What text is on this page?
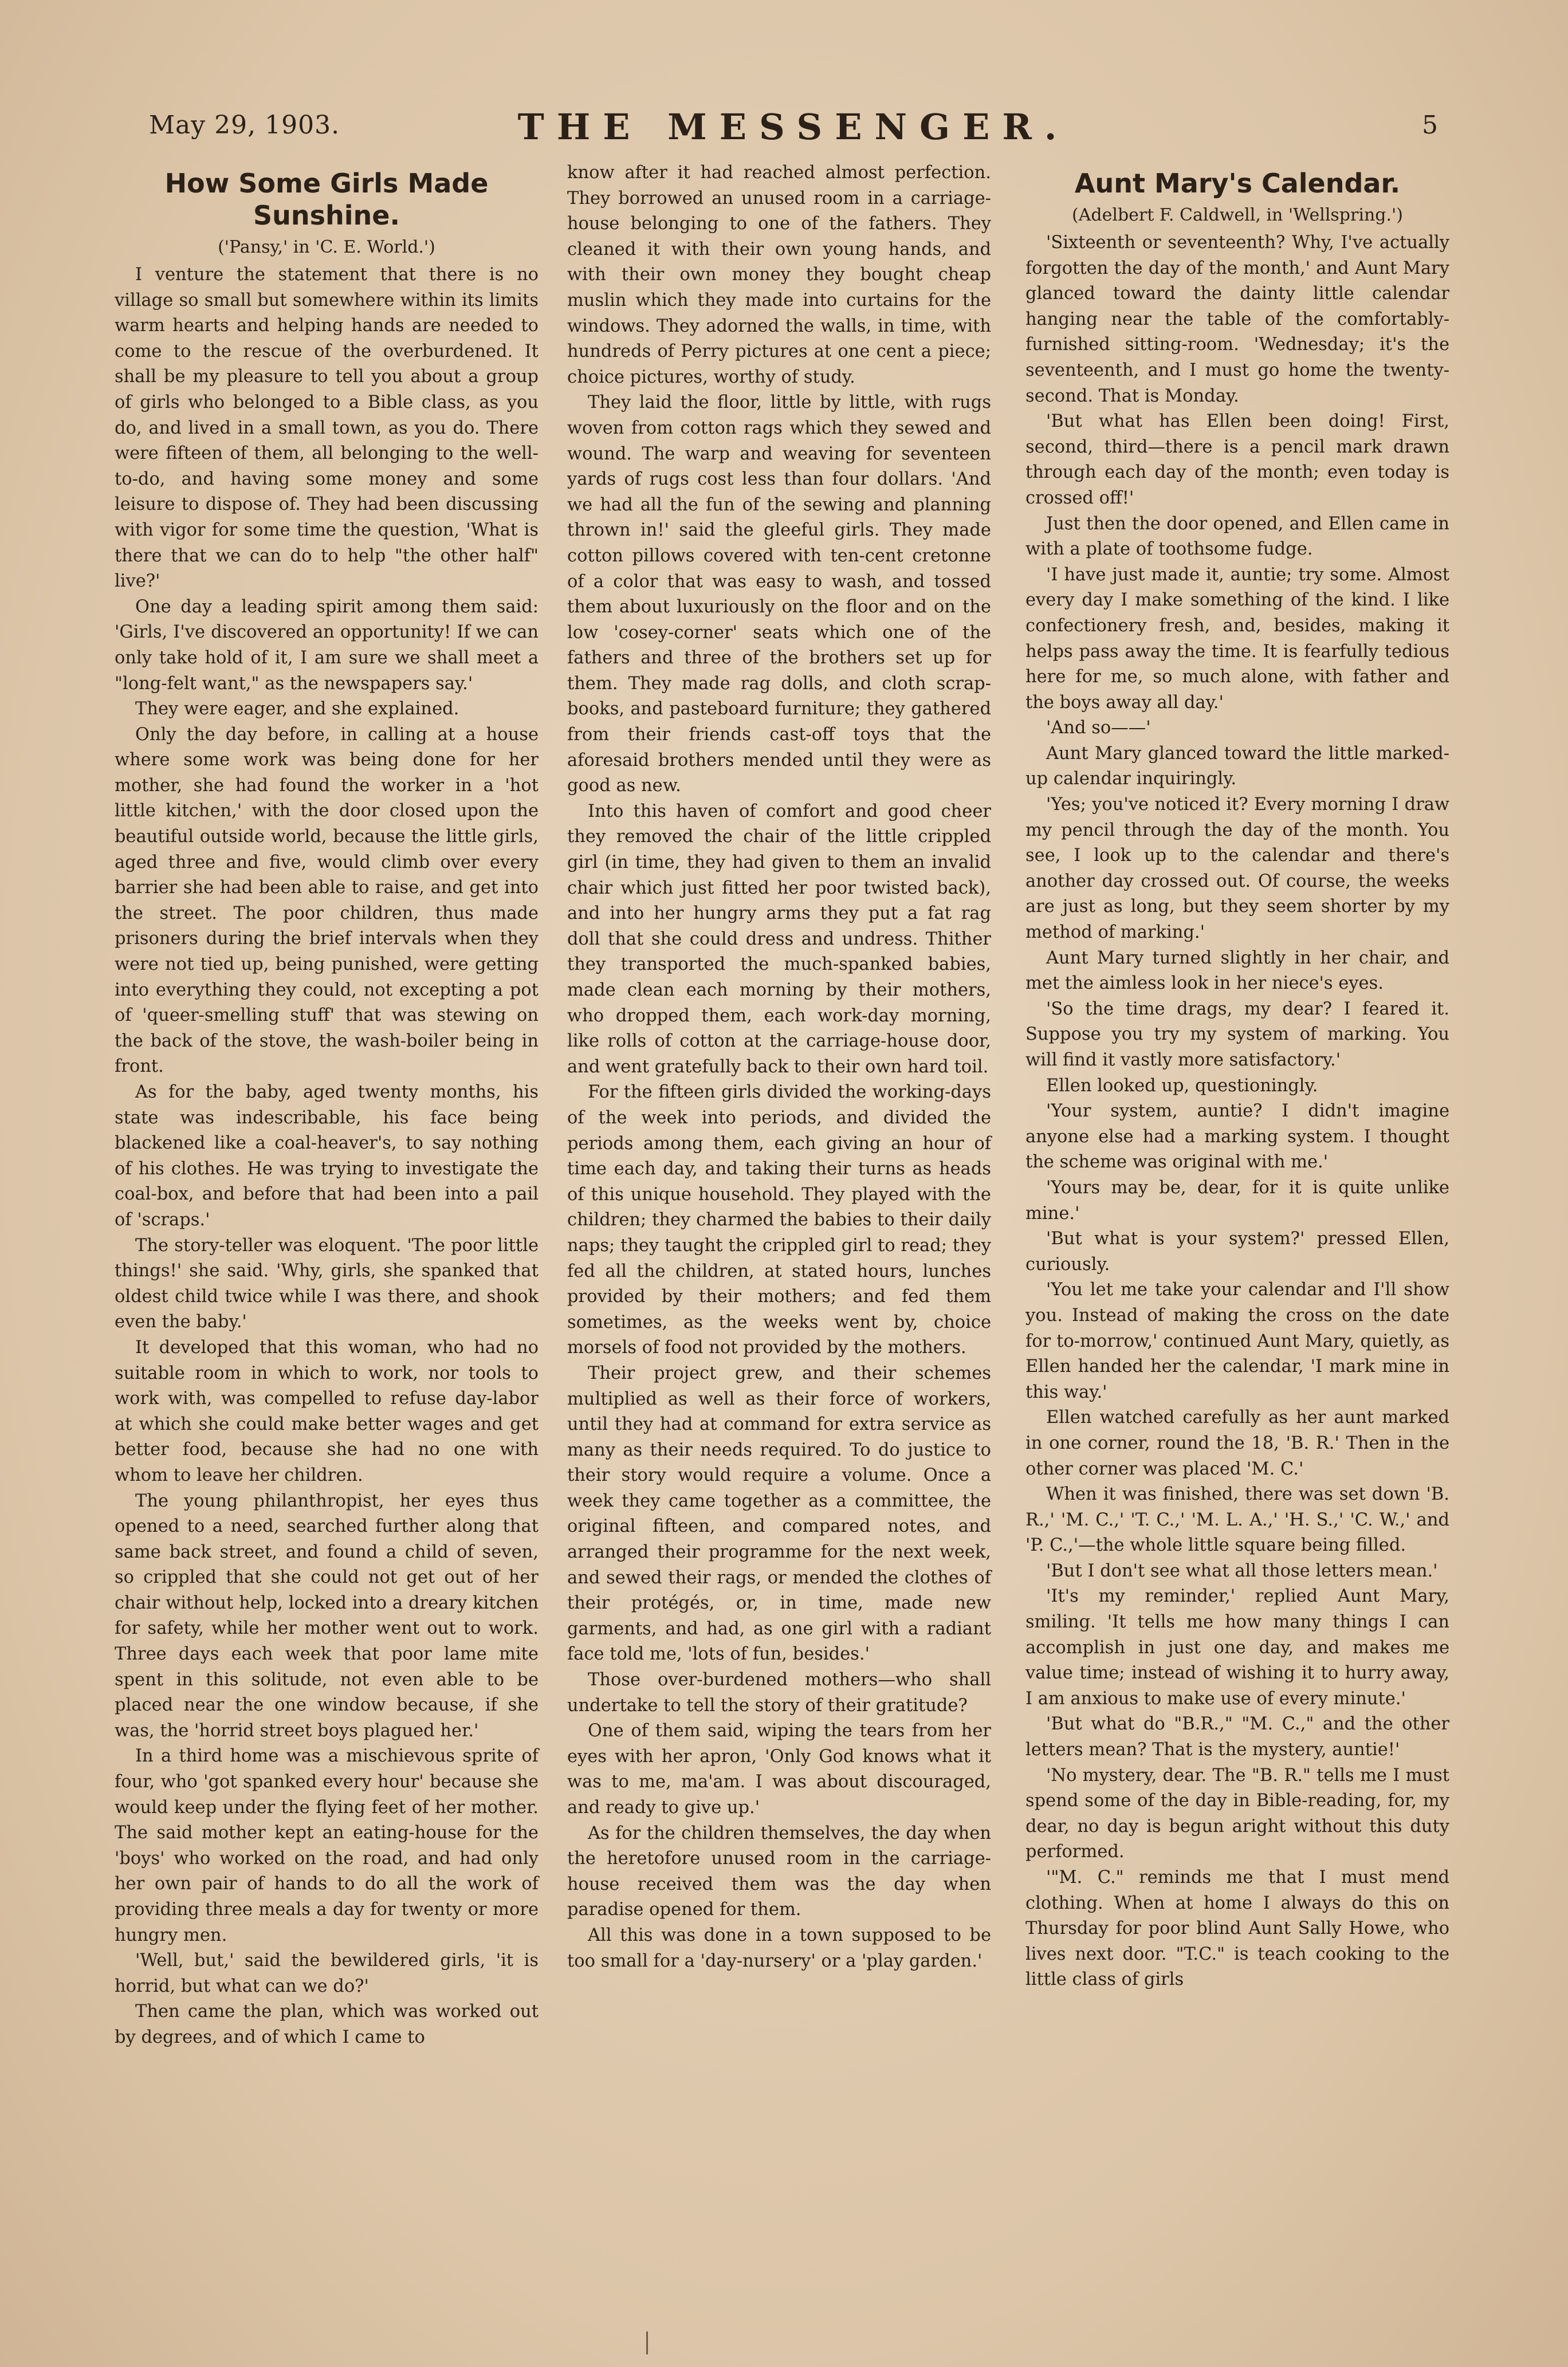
May 29, 1903.	THE MESSENGER.	5
How Some Girls Made Sunshine.
('Pansy,' in 'C. E. World.')

I venture the statement that there is no village so small but somewhere within its limits warm hearts and helping hands are needed to come to the rescue of the overburdened. It shall be my pleasure to tell you about a group of girls who belonged to a Bible class, as you do, and lived in a small town, as you do. There were fifteen of them, all belonging to the well-to-do, and having some money and some leisure to dispose of. They had been discussing with vigor for some time the question, 'What is there that we can do to help "the other half" live?'

One day a leading spirit among them said: 'Girls, I've discovered an opportunity! If we can only take hold of it, I am sure we shall meet a "long-felt want," as the newspapers say.'

They were eager, and she explained.

Only the day before, in calling at a house where some work was being done for her mother, she had found the worker in a 'hot little kitchen,' with the door closed upon the beautiful outside world, because the little girls, aged three and five, would climb over every barrier she had been able to raise, and get into the street. The poor children, thus made prisoners during the brief intervals when they were not tied up, being punished, were getting into everything they could, not excepting a pot of 'queer-smelling stuff' that was stewing on the back of the stove, the wash-boiler being in front.

As for the baby, aged twenty months, his state was indescribable, his face being blackened like a coal-heaver's, to say nothing of his clothes. He was trying to investigate the coal-box, and before that had been into a pail of 'scraps.'

The story-teller was eloquent. 'The poor little things!' she said. 'Why, girls, she spanked that oldest child twice while I was there, and shook even the baby.'

It developed that this woman, who had no suitable room in which to work, nor tools to work with, was compelled to refuse day-labor at which she could make better wages and get better food, because she had no one with whom to leave her children.

The young philanthropist, her eyes thus opened to a need, searched further along that same back street, and found a child of seven, so crippled that she could not get out of her chair without help, locked into a dreary kitchen for safety, while her mother went out to work. Three days each week that poor lame mite spent in this solitude, not even able to be placed near the one window because, if she was, the 'horrid street boys plagued her.'

In a third home was a mischievous sprite of four, who 'got spanked every hour' because she would keep under the flying feet of her mother. The said mother kept an eating-house for the 'boys' who worked on the road, and had only her own pair of hands to do all the work of providing three meals a day for twenty or more hungry men.

'Well, but,' said the bewildered girls, 'it is horrid, but what can we do?'

Then came the plan, which was worked out by degrees, and of which I came to

know after it had reached almost perfection. They borrowed an unused room in a carriage-house belonging to one of the fathers. They cleaned it with their own young hands, and with their own money they bought cheap muslin which they made into curtains for the windows. They adorned the walls, in time, with hundreds of Perry pictures at one cent a piece; choice pictures, worthy of study.

They laid the floor, little by little, with rugs woven from cotton rags which they sewed and wound. The warp and weaving for seventeen yards of rugs cost less than four dollars. 'And we had all the fun of the sewing and planning thrown in!' said the gleeful girls. They made cotton pillows covered with ten-cent cretonne of a color that was easy to wash, and tossed them about luxuriously on the floor and on the low 'cosey-corner' seats which one of the fathers and three of the brothers set up for them. They made rag dolls, and cloth scrap-books, and pasteboard furniture; they gathered from their friends cast-off toys that the aforesaid brothers mended until they were as good as new.

Into this haven of comfort and good cheer they removed the chair of the little crippled girl (in time, they had given to them an invalid chair which just fitted her poor twisted back), and into her hungry arms they put a fat rag doll that she could dress and undress. Thither they transported the much-spanked babies, made clean each morning by their mothers, who dropped them, each work-day morning, like rolls of cotton at the carriage-house door, and went gratefully back to their own hard toil.

For the fifteen girls divided the working-days of the week into periods, and divided the periods among them, each giving an hour of time each day, and taking their turns as heads of this unique household. They played with the children; they charmed the babies to their daily naps; they taught the crippled girl to read; they fed all the children, at stated hours, lunches provided by their mothers; and fed them sometimes, as the weeks went by, choice morsels of food not provided by the mothers.

Their project grew, and their schemes multiplied as well as their force of workers, until they had at command for extra service as many as their needs required. To do justice to their story would require a volume. Once a week they came together as a committee, the original fifteen, and compared notes, and arranged their programme for the next week, and sewed their rags, or mended the clothes of their protégés, or, in time, made new garments, and had, as one girl with a radiant face told me, 'lots of fun, besides.'

Those over-burdened mothers—who shall undertake to tell the story of their gratitude?

One of them said, wiping the tears from her eyes with her apron, 'Only God knows what it was to me, ma'am. I was about discouraged, and ready to give up.'

As for the children themselves, the day when the heretofore unused room in the carriage-house received them was the day when paradise opened for them.

All this was done in a town supposed to be too small for a 'day-nursery' or a 'play garden.'

Aunt Mary's Calendar.
(Adelbert F. Caldwell, in 'Wellspring.')

'Sixteenth or seventeenth? Why, I've actually forgotten the day of the month,' and Aunt Mary glanced toward the dainty little calendar hanging near the table of the comfortably-furnished sitting-room. 'Wednesday; it's the seventeenth, and I must go home the twenty-second. That is Monday.

'But what has Ellen been doing! First, second, third—there is a pencil mark drawn through each day of the month; even today is crossed off!'

Just then the door opened, and Ellen came in with a plate of toothsome fudge.

'I have just made it, auntie; try some. Almost every day I make something of the kind. I like confectionery fresh, and, besides, making it helps pass away the time. It is fearfully tedious here for me, so much alone, with father and the boys away all day.'

'And so——'

Aunt Mary glanced toward the little marked-up calendar inquiringly.

'Yes; you've noticed it? Every morning I draw my pencil through the day of the month. You see, I look up to the calendar and there's another day crossed out. Of course, the weeks are just as long, but they seem shorter by my method of marking.'

Aunt Mary turned slightly in her chair, and met the aimless look in her niece's eyes.

'So the time drags, my dear? I feared it. Suppose you try my system of marking. You will find it vastly more satisfactory.'

Ellen looked up, questioningly.

'Your system, auntie? I didn't imagine anyone else had a marking system. I thought the scheme was original with me.'

'Yours may be, dear, for it is quite unlike mine.'

'But what is your system?' pressed Ellen, curiously.

'You let me take your calendar and I'll show you. Instead of making the cross on the date for to-morrow,' continued Aunt Mary, quietly, as Ellen handed her the calendar, 'I mark mine in this way.'

Ellen watched carefully as her aunt marked in one corner, round the 18, 'B. R.' Then in the other corner was placed 'M. C.'

When it was finished, there was set down 'B. R.,' 'M. C.,' 'T. C.,' 'M. L. A.,' 'H. S.,' 'C. W.,' and 'P. C.,'—the whole little square being filled.

'But I don't see what all those letters mean.'

'It's my reminder,' replied Aunt Mary, smiling. 'It tells me how many things I can accomplish in just one day, and makes me value time; instead of wishing it to hurry away, I am anxious to make use of every minute.'

'But what do "B.R.," "M. C.," and the other letters mean? That is the mystery, auntie!'

'No mystery, dear. The "B. R." tells me I must spend some of the day in Bible-reading, for, my dear, no day is begun aright without this duty performed.

'"M. C." reminds me that I must mend clothing. When at home I always do this on Thursday for poor blind Aunt Sally Howe, who lives next door. "T.C." is teach cooking to the little class of girls
